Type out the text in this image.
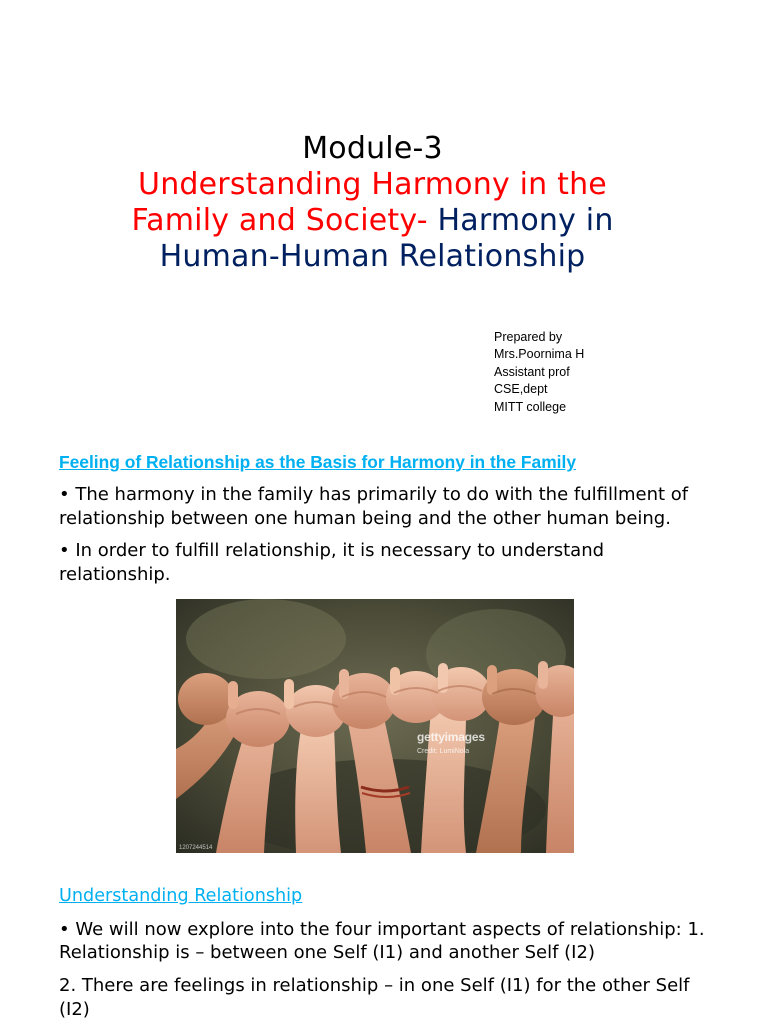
Module-3
Understanding Harmony in the
Family and Society- Harmony in
Human-Human Relationship
Prepared by
Mrs.Poornima H
Assistant prof
CSE,dept
MITT college
Feeling of Relationship as the Basis for Harmony in the Family
• The harmony in the family has primarily to do with the fulfillment of relationship between one human being and the other human being.
• In order to fulfill relationship, it is necessary to understand relationship.
gettyimages
Credit: LumiNola
1207244514
Understanding Relationship
• We will now explore into the four important aspects of relationship: 1. Relationship is – between one Self (I1) and another Self (I2)
2. There are feelings in relationship – in one Self (I1) for the other Self (I2)
